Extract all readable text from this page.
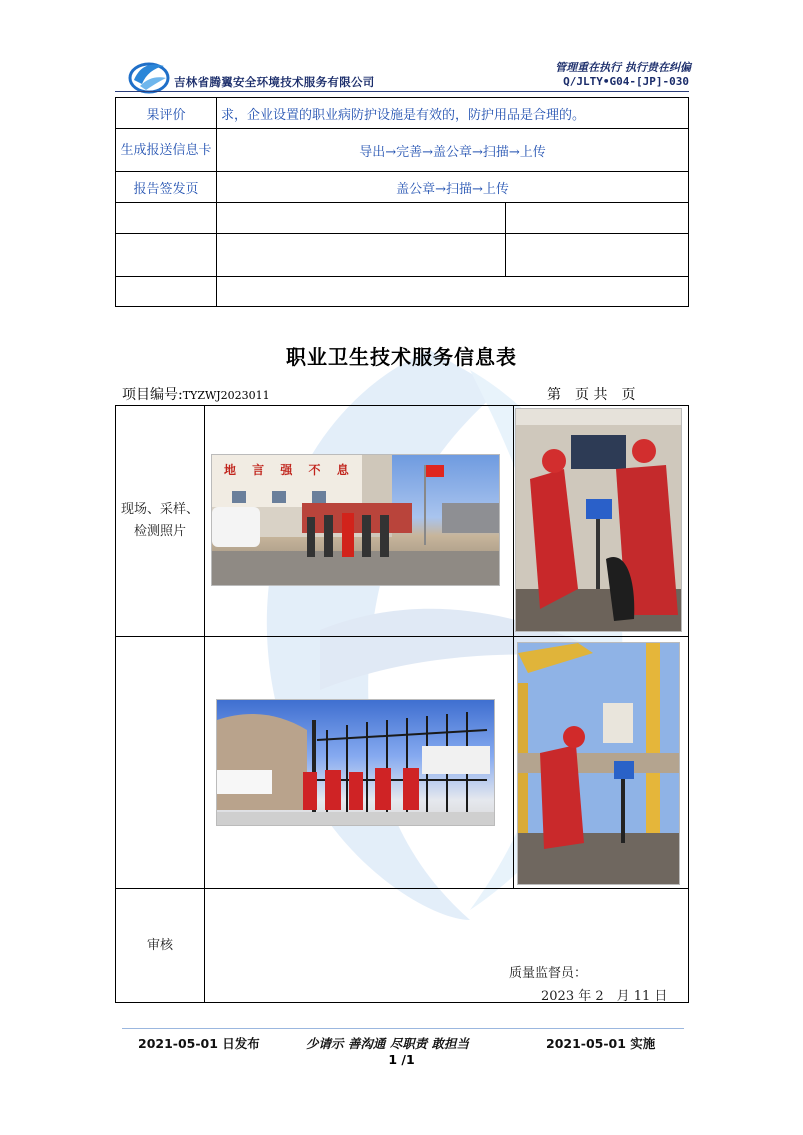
吉林省腾翼安全环境技术服务有限公司
管理重在执行 执行贵在纠偏
Q/JLTY•G04-[JP]-030
果评价	求，企业设置的职业病防护设施是有效的，防护用品是合理的。	
生成报送信息卡	导出→完善→盖公章→扫描→上传	
报告签发页	盖公章→扫描→上传	

职业卫生技术服务信息表
项目编号:TYZWJ2023011	第　页 共　页
现场、采样、检测照片		

审核		
地 言 强 不 息
质量监督员：
2023 年 2　月 11 日
2021-05-01 日发布	少请示 善沟通 尽职责 敢担当	2021-05-01 实施
1 /1
